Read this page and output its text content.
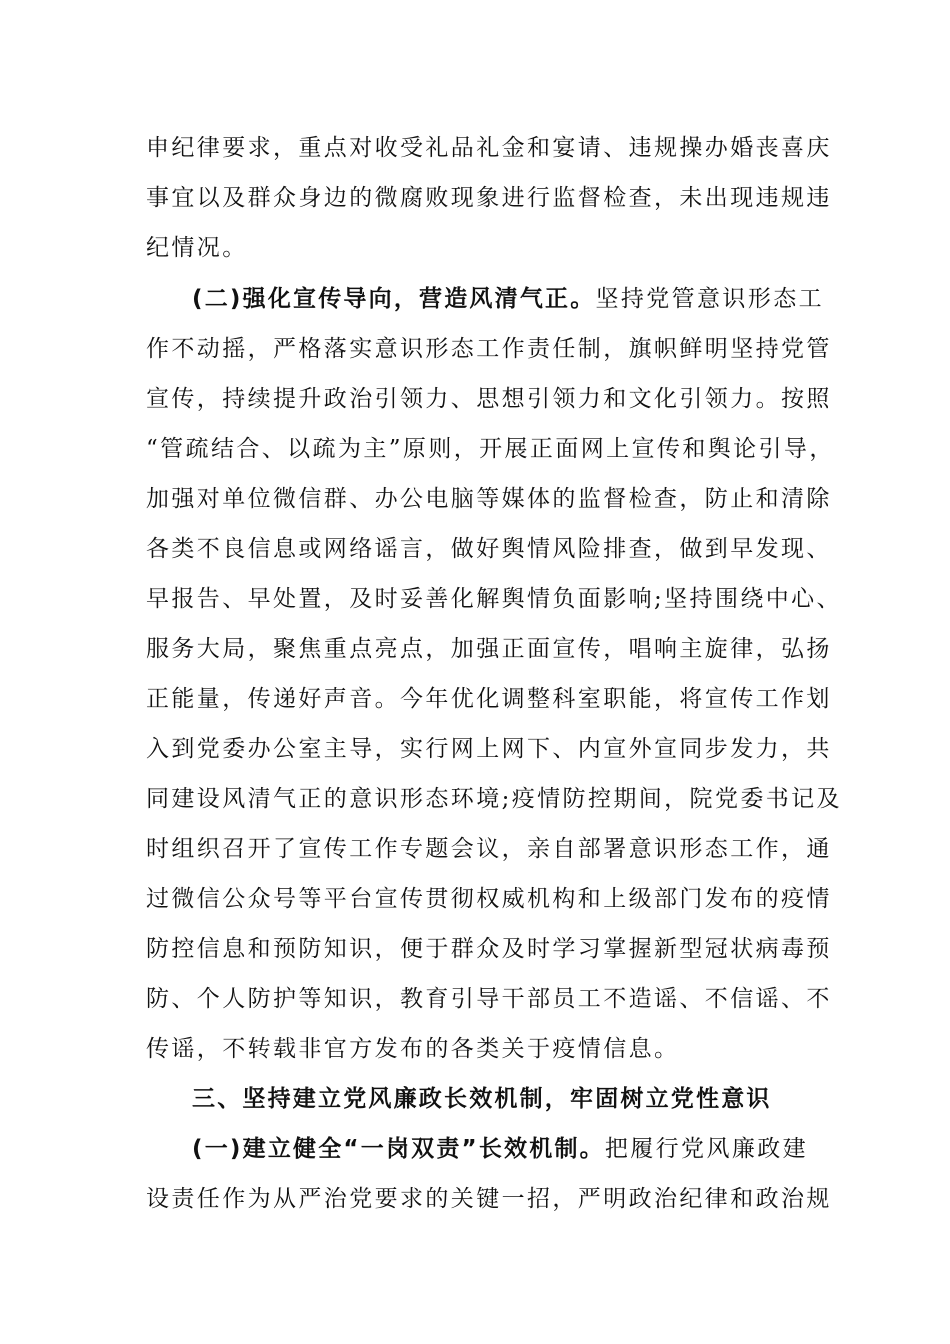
申纪律要求，重点对收受礼品礼金和宴请、违规操办婚丧喜庆
事宜以及群众身边的微腐败现象进行监督检查，未出现违规违
纪情况。
(二)强化宣传导向，营造风清气正。坚持党管意识形态工
作不动摇，严格落实意识形态工作责任制，旗帜鲜明坚持党管
宣传，持续提升政治引领力、思想引领力和文化引领力。按照
“管疏结合、以疏为主”原则，开展正面网上宣传和舆论引导，
加强对单位微信群、办公电脑等媒体的监督检查，防止和清除
各类不良信息或网络谣言，做好舆情风险排查，做到早发现、
早报告、早处置，及时妥善化解舆情负面影响;坚持围绕中心、
服务大局，聚焦重点亮点，加强正面宣传，唱响主旋律，弘扬
正能量，传递好声音。今年优化调整科室职能，将宣传工作划
入到党委办公室主导，实行网上网下、内宣外宣同步发力，共
同建设风清气正的意识形态环境;疫情防控期间，院党委书记及
时组织召开了宣传工作专题会议，亲自部署意识形态工作，通
过微信公众号等平台宣传贯彻权威机构和上级部门发布的疫情
防控信息和预防知识，便于群众及时学习掌握新型冠状病毒预
防、个人防护等知识，教育引导干部员工不造谣、不信谣、不
传谣，不转载非官方发布的各类关于疫情信息。
三、坚持建立党风廉政长效机制，牢固树立党性意识
(一)建立健全“一岗双责”长效机制。把履行党风廉政建
设责任作为从严治党要求的关键一招，严明政治纪律和政治规
